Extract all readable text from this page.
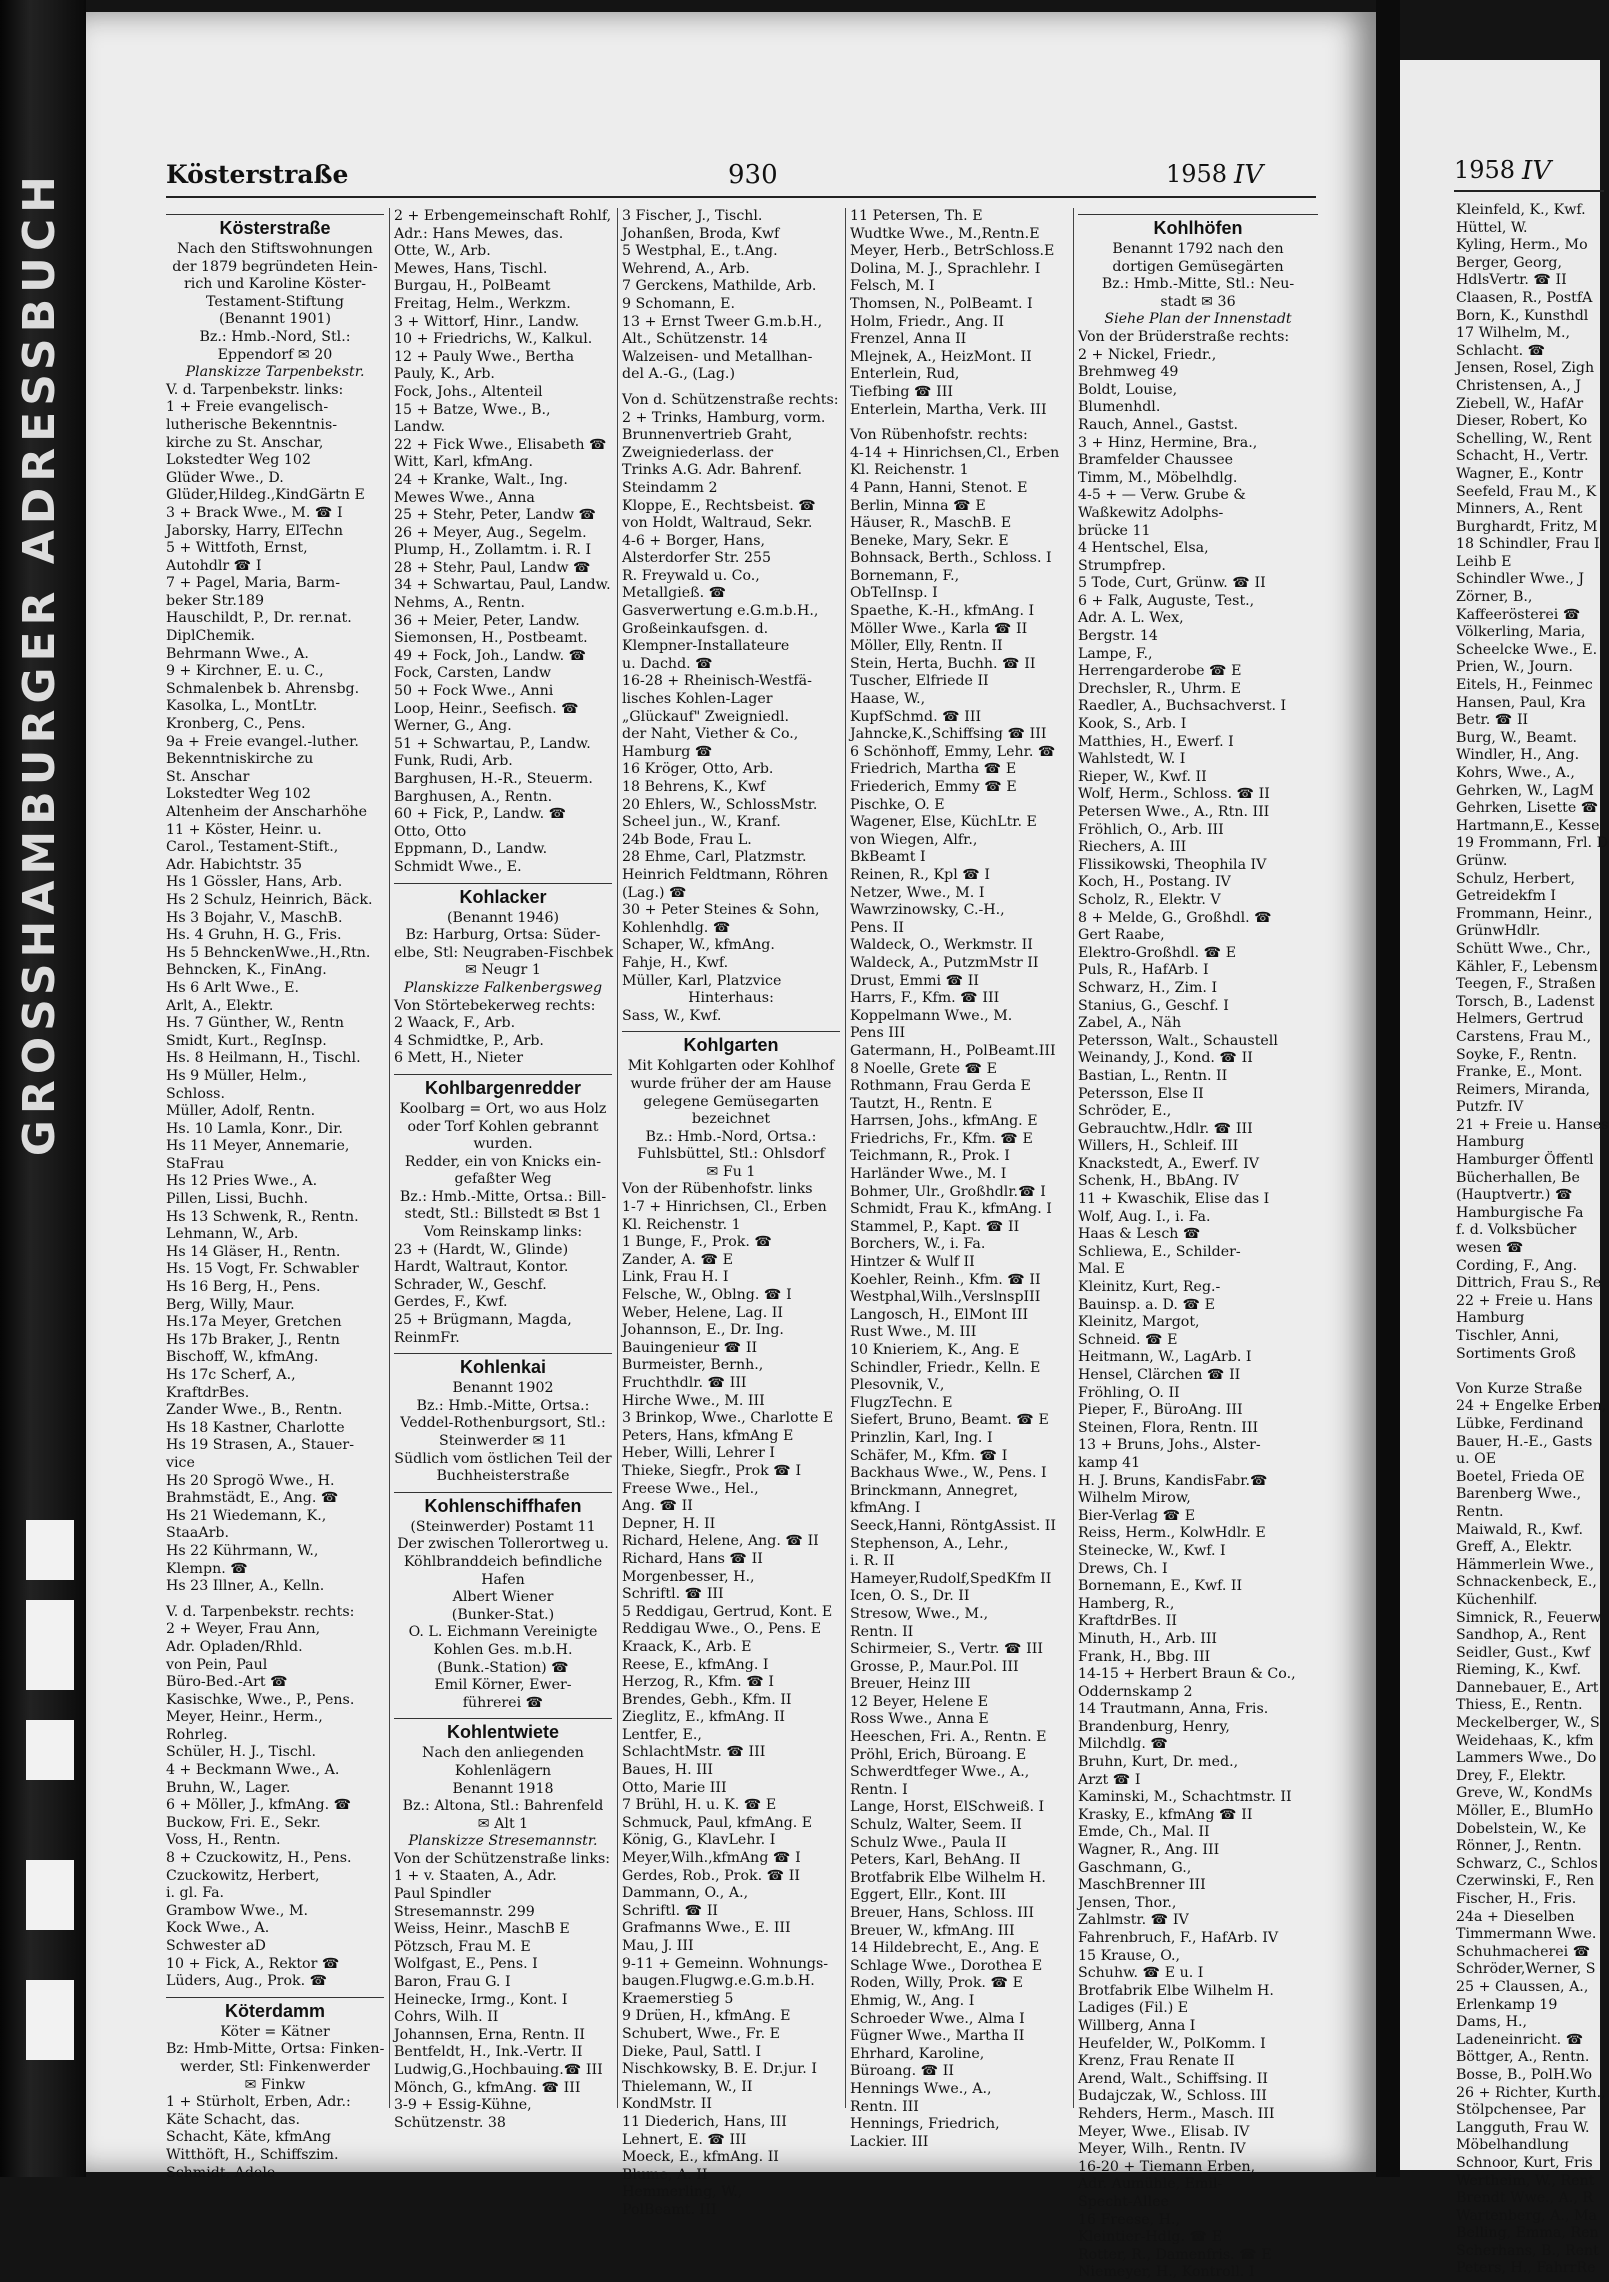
GROSSHAMBURGER ADRESSBUCH	Kösterstraße	930	1958 IV
Kösterstraße
Nach den Stiftswohnungen
der 1879 begründeten Hein-
rich und Karoline Köster-
Testament-Stiftung
(Benannt 1901)
Bz.: Hmb.-Nord, Stl.:
Eppendorf ✉ 20
Planskizze Tarpenbekstr.
V. d. Tarpenbekstr. links:
1 + Freie evangelisch-
lutherische Bekenntnis-
kirche zu St. Anschar,
Lokstedter Weg 102
Glüder Wwe., D.
Glüder,Hildeg.,KindGärtn E
3 + Brack Wwe., M. ☎ I
Jaborsky, Harry, ElTechn
5 + Wittfoth, Ernst,
Autohdlr ☎ I
7 + Pagel, Maria, Barm-
beker Str.189
Hauschildt, P., Dr. rer.nat.
DiplChemik.
Behrmann Wwe., A.
9 + Kirchner, E. u. C.,
Schmalenbek b. Ahrensbg.
Kasolka, L., MontLtr.
Kronberg, C., Pens.
9a + Freie evangel.-luther.
Bekenntniskirche zu
St. Anschar
Lokstedter Weg 102
Altenheim der Anscharhöhe
11 + Köster, Heinr. u.
Carol., Testament-Stift.,
Adr. Habichtstr. 35
Hs 1 Gössler, Hans, Arb.
Hs 2 Schulz, Heinrich, Bäck.
Hs 3 Bojahr, V., MaschB.
Hs. 4 Gruhn, H. G., Fris.
Hs 5 BehnckenWwe.,H.,Rtn.
Behncken, K., FinAng.
Hs 6 Arlt Wwe., E.
Arlt, A., Elektr.
Hs. 7 Günther, W., Rentn
Smidt, Kurt., RegInsp.
Hs. 8 Heilmann, H., Tischl.
Hs 9 Müller, Helm.,
Schloss.
Müller, Adolf, Rentn.
Hs. 10 Lamla, Konr., Dir.
Hs 11 Meyer, Annemarie,
StaFrau
Hs 12 Pries Wwe., A.
Pillen, Lissi, Buchh.
Hs 13 Schwenk, R., Rentn.
Lehmann, W., Arb.
Hs 14 Gläser, H., Rentn.
Hs. 15 Vogt, Fr. Schwabler
Hs 16 Berg, H., Pens.
Berg, Willy, Maur.
Hs.17a Meyer, Gretchen
Hs 17b Braker, J., Rentn
Bischoff, W., kfmAng.
Hs 17c Scherf, A.,
KraftdrBes.
Zander Wwe., B., Rentn.
Hs 18 Kastner, Charlotte
Hs 19 Strasen, A., Stauer-
vice
Hs 20 Sprogö Wwe., H.
Brahmstädt, E., Ang. ☎
Hs 21 Wiedemann, K.,
StaaArb.
Hs 22 Kührmann, W.,
Klempn. ☎
Hs 23 Illner, A., Kelln.
V. d. Tarpenbekstr. rechts:
2 + Weyer, Frau Ann,
Adr. Opladen/Rhld.
von Pein, Paul
Büro-Bed.-Art ☎
Kasischke, Wwe., P., Pens.
Meyer, Heinr., Herm.,
Rohrleg.
Schüler, H. J., Tischl.
4 + Beckmann Wwe., A.
Bruhn, W., Lager.
6 + Möller, J., kfmAng. ☎
Buckow, Fri. E., Sekr.
Voss, H., Rentn.
8 + Czuckowitz, H., Pens.
Czuckowitz, Herbert,
i. gl. Fa.
Grambow Wwe., M.
Kock Wwe., A.
Schwester aD
10 + Fick, A., Rektor ☎
Lüders, Aug., Prok. ☎
Köterdamm
Köter = Kätner
Bz: Hmb-Mitte, Ortsa: Finken-
werder, Stl: Finkenwerder
✉ Finkw
1 + Stürholt, Erben, Adr.:
Käte Schacht, das.
Schacht, Käte, kfmAng
Witthöft, H., Schiffszim.
Schmidt, Adele
2 + Erbengemeinschaft Rohlf,
Adr.: Hans Mewes, das.
Otte, W., Arb.
Mewes, Hans, Tischl.
Burgau, H., PolBeamt
Freitag, Helm., Werkzm.
3 + Wittorf, Hinr., Landw.
10 + Friedrichs, W., Kalkul.
12 + Pauly Wwe., Bertha
Pauly, K., Arb.
Fock, Johs., Altenteil
15 + Batze, Wwe., B.,
Landw.
22 + Fick Wwe., Elisabeth ☎
Witt, Karl, kfmAng.
24 + Kranke, Walt., Ing.
Mewes Wwe., Anna
25 + Stehr, Peter, Landw ☎
26 + Meyer, Aug., Segelm.
Plump, H., Zollamtm. i. R. I
28 + Stehr, Paul, Landw ☎
34 + Schwartau, Paul, Landw.
Nehms, A., Rentn.
36 + Meier, Peter, Landw.
Siemonsen, H., Postbeamt.
49 + Fock, Joh., Landw. ☎
Fock, Carsten, Landw
50 + Fock Wwe., Anni
Loop, Heinr., Seefisch. ☎
Werner, G., Ang.
51 + Schwartau, P., Landw.
Funk, Rudi, Arb.
Barghusen, H.-R., Steuerm.
Barghusen, A., Rentn.
60 + Fick, P., Landw. ☎
Otto, Otto
Eppmann, D., Landw.
Schmidt Wwe., E.
Kohlacker
(Benannt 1946)
Bz: Harburg, Ortsa: Süder-
elbe, Stl: Neugraben-Fischbek
✉ Neugr 1
Planskizze Falkenbergsweg
Von Störtebekerweg rechts:
2 Waack, F., Arb.
4 Schmidtke, P., Arb.
6 Mett, H., Nieter
Kohlbargenredder
Koolbarg = Ort, wo aus Holz
oder Torf Kohlen gebrannt
wurden.
Redder, ein von Knicks ein-
gefaßter Weg
Bz.: Hmb.-Mitte, Ortsa.: Bill-
stedt, Stl.: Billstedt ✉ Bst 1
Vom Reinskamp links:
23 + (Hardt, W., Glinde)
Hardt, Waltraut, Kontor.
Schrader, W., Geschf.
Gerdes, F., Kwf.
25 + Brügmann, Magda,
ReinmFr.
Kohlenkai
Benannt 1902
Bz.: Hmb.-Mitte, Ortsa.:
Veddel-Rothenburgsort, Stl.:
Steinwerder ✉ 11
Südlich vom östlichen Teil der
Buchheisterstraße
Kohlenschiffhafen
(Steinwerder) Postamt 11
Der zwischen Tollerortweg u.
Köhlbranddeich befindliche
Hafen
Albert Wiener
(Bunker-Stat.)
O. L. Eichmann Vereinigte
Kohlen Ges. m.b.H.
(Bunk.-Station) ☎
Emil Körner, Ewer-
führerei ☎
Kohlentwiete
Nach den anliegenden
Kohlenlägern
Benannt 1918
Bz.: Altona, Stl.: Bahrenfeld
✉ Alt 1
Planskizze Stresemannstr.
Von der Schützenstraße links:
1 + v. Staaten, A., Adr.
Paul Spindler
Stresemannstr. 299
Weiss, Heinr., MaschB E
Pötzsch, Frau M. E
Wolfgast, E., Pens. I
Baron, Frau G. I
Heinecke, Irmg., Kont. I
Cohrs, Wilh. II
Johannsen, Erna, Rentn. II
Bentfeldt, H., Ink.-Vertr. II
Ludwig,G.,Hochbauing.☎ III
Mönch, G., kfmAng. ☎ III
3-9 + Essig-Kühne,
Schützenstr. 38
3 Fischer, J., Tischl.
Johanßen, Broda, Kwf
5 Westphal, E., t.Ang.
Wehrend, A., Arb.
7 Gerckens, Mathilde, Arb.
9 Schomann, E.
13 + Ernst Tweer G.m.b.H.,
Alt., Schützenstr. 14
Walzeisen- und Metallhan-
del A.-G., (Lag.)
Von d. Schützenstraße rechts:
2 + Trinks, Hamburg, vorm.
Brunnenvertrieb Graht,
Zweigniederlass. der
Trinks A.G. Adr. Bahrenf.
Steindamm 2
Kloppe, E., Rechtsbeist. ☎
von Holdt, Waltraud, Sekr.
4-6 + Borger, Hans,
Alsterdorfer Str. 255
R. Freywald u. Co.,
Metallgieß. ☎
Gasverwertung e.G.m.b.H.,
Großeinkaufsgen. d.
Klempner-Installateure
u. Dachd. ☎
16-28 + Rheinisch-Westfä-
lisches Kohlen-Lager
„Glückauf" Zweigniedl.
der Naht, Viether & Co.,
Hamburg ☎
16 Kröger, Otto, Arb.
18 Behrens, K., Kwf
20 Ehlers, W., SchlossMstr.
Scheel jun., W., Kranf.
24b Bode, Frau L.
28 Ehme, Carl, Platzmstr.
Heinrich Feldtmann, Röhren
(Lag.) ☎
30 + Peter Steines & Sohn,
Kohlenhdlg. ☎
Schaper, W., kfmAng.
Fahje, H., Kwf.
Müller, Karl, Platzvice
Hinterhaus:
Sass, W., Kwf.
Kohlgarten
Mit Kohlgarten oder Kohlhof
wurde früher der am Hause
gelegene Gemüsegarten
bezeichnet
Bz.: Hmb.-Nord, Ortsa.:
Fuhlsbüttel, Stl.: Ohlsdorf
✉ Fu 1
Von der Rübenhofstr. links
1-7 + Hinrichsen, Cl., Erben
Kl. Reichenstr. 1
1 Bunge, F., Prok. ☎
Zander, A. ☎ E
Link, Frau H. I
Felsche, W., Oblng. ☎ I
Weber, Helene, Lag. II
Johannson, E., Dr. Ing.
Bauingenieur ☎ II
Burmeister, Bernh.,
Fruchthdlr. ☎ III
Hirche Wwe., M. III
3 Brinkop, Wwe., Charlotte E
Peters, Hans, kfmAng E
Heber, Willi, Lehrer I
Thieke, Siegfr., Prok ☎ I
Freese Wwe., Hel.,
Ang. ☎ II
Depner, H. II
Richard, Helene, Ang. ☎ II
Richard, Hans ☎ II
Morgenbesser, H.,
Schriftl. ☎ III
5 Reddigau, Gertrud, Kont. E
Reddigau Wwe., O., Pens. E
Kraack, K., Arb. E
Reese, E., kfmAng. I
Herzog, R., Kfm. ☎ I
Brendes, Gebh., Kfm. II
Zieglitz, E., kfmAng. II
Lentfer, E.,
SchlachtMstr. ☎ III
Baues, H. III
Otto, Marie III
7 Brühl, H. u. K. ☎ E
Schmuck, Paul, kfmAng. E
König, G., KlavLehr. I
Meyer,Wilh.,kfmAng ☎ I
Gerdes, Rob., Prok. ☎ II
Dammann, O., A.,
Schriftl. ☎ II
Grafmanns Wwe., E. III
Mau, J. III
9-11 + Gemeinn. Wohnungs-
baugen.Flugwg.e.G.m.b.H.
Kraemerstieg 5
9 Drüen, H., kfmAng. E
Schubert, Wwe., Fr. E
Dieke, Paul, Sattl. I
Nischkowsky, B. E. Dr.jur. I
Thielemann, W., II
KondMstr. II
11 Diederich, Hans, III
Lehnert, E. ☎ III
Moeck, E., kfmAng. II
Blume, A. II
Hemmerling, W.,
PolBeamt. III
11 Petersen, Th. E
Wudtke Wwe., M.,Rentn.E
Meyer, Herb., BetrSchloss.E
Dolina, M. J., Sprachlehr. I
Felsch, M. I
Thomsen, N., PolBeamt. I
Holm, Friedr., Ang. II
Frenzel, Anna II
Mlejnek, A., HeizMont. II
Enterlein, Rud,
Tiefbing ☎ III
Enterlein, Martha, Verk. III
Von Rübenhofstr. rechts:
4-14 + Hinrichsen,Cl., Erben
Kl. Reichenstr. 1
4 Pann, Hanni, Stenot. E
Berlin, Minna ☎ E
Häuser, R., MaschB. E
Beneke, Mary, Sekr. E
Bohnsack, Berth., Schloss. I
Bornemann, F.,
ObTelInsp. I
Spaethe, K.-H., kfmAng. I
Möller Wwe., Karla ☎ II
Möller, Elly, Rentn. II
Stein, Herta, Buchh. ☎ II
Tuscher, Elfriede II
Haase, W.,
KupfSchmd. ☎ III
Jahncke,K.,Schiffsing ☎ III
6 Schönhoff, Emmy, Lehr. ☎
Friedrich, Martha ☎ E
Friederich, Emmy ☎ E
Pischke, O. E
Wagener, Else, KüchLtr. E
von Wiegen, Alfr.,
BkBeamt I
Reinen, R., Kpl ☎ I
Netzer, Wwe., M. I
Wawrzinowsky, C.-H.,
Pens. II
Waldeck, O., Werkmstr. II
Waldeck, A., PutzmMstr II
Drust, Emmi ☎ II
Harrs, F., Kfm. ☎ III
Koppelmann Wwe., M.
Pens III
Gatermann, H., PolBeamt.III
8 Noelle, Grete ☎ E
Rothmann, Frau Gerda E
Tautzt, H., Rentn. E
Harrsen, Johs., kfmAng. E
Friedrichs, Fr., Kfm. ☎ E
Teichmann, R., Prok. I
Harländer Wwe., M. I
Bohmer, Ulr., Großhdlr.☎ I
Schmidt, Frau K., kfmAng. I
Stammel, P., Kapt. ☎ II
Borchers, W., i. Fa.
Hintzer & Wulf II
Koehler, Reinh., Kfm. ☎ II
Westphal,Wilh.,VerslnspIII
Langosch, H., ElMont III
Rust Wwe., M. III
10 Knieriem, K., Ang. E
Schindler, Friedr., Kelln. E
Plesovnik, V.,
FlugzTechn. E
Siefert, Bruno, Beamt. ☎ E
Prinzlin, Karl, Ing. I
Schäfer, M., Kfm. ☎ I
Backhaus Wwe., W., Pens. I
Brinckmann, Annegret,
kfmAng. I
Seeck,Hanni, RöntgAssist. II
Stephenson, A., Lehr.,
i. R. II
Hameyer,Rudolf,SpedKfm II
Icen, O. S., Dr. II
Stresow, Wwe., M.,
Rentn. II
Schirmeier, S., Vertr. ☎ III
Grosse, P., Maur.Pol. III
Breuer, Heinz III
12 Beyer, Helene E
Ross Wwe., Anna E
Heeschen, Fri. A., Rentn. E
Pröhl, Erich, Büroang. E
Schwerdtfeger Wwe., A.,
Rentn. I
Lange, Horst, ElSchweiß. I
Schulz, Walter, Seem. II
Schulz Wwe., Paula II
Peters, Karl, BehAng. II
Brotfabrik Elbe Wilhelm H.
Eggert, Ellr., Kont. III
Breuer, Hans, Schloss. III
Breuer, W., kfmAng. III
14 Hildebrecht, E., Ang. E
Schlage Wwe., Dorothea E
Roden, Willy, Prok. ☎ E
Ehmig, W., Ang. I
Schroeder Wwe., Alma I
Fügner Wwe., Martha II
Ehrhard, Karoline,
Büroang. ☎ II
Hennings Wwe., A.,
Rentn. III
Hennings, Friedrich,
Lackier. III
Kohlhöfen
Benannt 1792 nach den
dortigen Gemüsegärten
Bz.: Hmb.-Mitte, Stl.: Neu-
stadt ✉ 36
Siehe Plan der Innenstadt
Von der Brüderstraße rechts:
2 + Nickel, Friedr.,
Brehmweg 49
Boldt, Louise,
Blumenhdl.
Rauch, Annel., Gastst.
3 + Hinz, Hermine, Bra.,
Bramfelder Chaussee
Timm, M., Möbelhdlg.
4-5 + — Verw. Grube &
Waßkewitz Adolphs-
brücke 11
4 Hentschel, Elsa,
Strumpfrep.
5 Tode, Curt, Grünw. ☎ II
6 + Falk, Auguste, Test.,
Adr. A. L. Wex,
Bergstr. 14
Lampe, F.,
Herrengarderobe ☎ E
Drechsler, R., Uhrm. E
Raedler, A., Buchsachverst. I
Kook, S., Arb. I
Matthies, H., Ewerf. I
Wahlstedt, W. I
Rieper, W., Kwf. II
Wolf, Herm., Schloss. ☎ II
Petersen Wwe., A., Rtn. III
Fröhlich, O., Arb. III
Riechers, A. III
Flissikowski, Theophila IV
Koch, H., Postang. IV
Scholz, R., Elektr. V
8 + Melde, G., Großhdl. ☎
Gert Raabe,
Elektro-Großhdl. ☎ E
Puls, R., HafArb. I
Schwarz, H., Zim. I
Stanius, G., Geschf. I
Zabel, A., Näh
Petersson, Walt., Schaustell
Weinandy, J., Kond. ☎ II
Bastian, L., Rentn. II
Petersson, Else II
Schröder, E.,
Gebrauchtw.,Hdlr. ☎ III
Willers, H., Schleif. III
Knackstedt, A., Ewerf. IV
Schenk, H., BbAng. IV
11 + Kwaschik, Elise das I
Wolf, Aug. I., i. Fa.
Haas & Lesch ☎
Schliewa, E., Schilder-
Mal. E
Kleinitz, Kurt, Reg.-
Bauinsp. a. D. ☎ E
Kleinitz, Margot,
Schneid. ☎ E
Heitmann, W., LagArb. I
Hensel, Clärchen ☎ II
Fröhling, O. II
Pieper, F., BüroAng. III
Steinen, Flora, Rentn. III
13 + Bruns, Johs., Alster-
kamp 41
H. J. Bruns, KandisFabr.☎
Wilhelm Mirow,
Bier-Verlag ☎ E
Reiss, Herm., KolwHdlr. E
Steinecke, W., Kwf. I
Drews, Ch. I
Bornemann, E., Kwf. II
Hamberg, R.,
KraftdrBes. II
Minuth, H., Arb. III
Frank, H., Bbg. III
14-15 + Herbert Braun & Co.,
Oddernskamp 2
14 Trautmann, Anna, Fris.
Brandenburg, Henry,
Milchdlg. ☎
Bruhn, Kurt, Dr. med.,
Arzt ☎ I
Kaminski, M., Schachtmstr. II
Krasky, E., kfmAng ☎ II
Emde, Ch., Mal. II
Wagner, R., Ang. III
Gaschmann, G.,
MaschBrenner III
Jensen, Thor.,
Zahlmstr. ☎ IV
Fahrenbruch, F., HafArb. IV
15 Krause, O.,
Schuhw. ☎ E u. I
Brotfabrik Elbe Wilhelm H.
Ladiges (Fil.) E
Willberg, Anna I
Heufelder, W., PolKomm. I
Krenz, Frau Renate II
Arend, Walt., Schiffsing. II
Budajczak, W., Schloss. III
Rehders, Herm., Masch. III
Meyer, Wwe., Elisab. IV
Meyer, Wilh., Rentn. IV
16-20 + Tiemann Erben,
Adr. Aumühle, Emil-
Specht-Allee
16 Freese, H.,
Kleintier-Hdlg. ☎ E
Rotter, R., Damenfris. ☎ E
Niemeyer, H., Kontroll. I
1958 IV
Kleinfeld, K., Kwf.
Hüttel, W.
Kyling, Herm., Mo
Berger, Georg,
HdlsVertr. ☎ II
Claasen, R., PostfA
Born, K., Kunsthdl
17 Wilhelm, M.,
Schlacht. ☎
Jensen, Rosel, Zigh
Christensen, A., J
Ziebell, W., HafAr
Dieser, Robert, Ko
Schelling, W., Rent
Schacht, H., Vertr.
Wagner, E., Kontr
Seefeld, Frau M., K
Minners, A., Rent
Burghardt, Fritz, M
18 Schindler, Frau I
Leihb E
Schindler Wwe., J
Zörner, B.,
Kaffeerösterei ☎
Völkerling, Maria,
Scheelcke Wwe., E.
Prien, W., Journ.
Eitels, H., Feinmec
Hansen, Paul, Kra
Betr. ☎ II
Burg, W., Beamt.
Windler, H., Ang.
Kohrs, Wwe., A.,
Gehrken, W., LagM
Gehrken, Lisette ☎
Hartmann,E., Kesse
19 Frommann, Frl. D
Grünw.
Schulz, Herbert,
Getreidekfm I
Frommann, Heinr.,
GrünwHdlr.
Schütt Wwe., Chr.,
Kähler, F., Lebensm
Teegen, F., Straßen
Torsch, B., Ladenst
Helmers, Gertrud
Carstens, Frau M.,
Soyke, F., Rentn.
Franke, E., Mont.
Reimers, Miranda,
Putzfr. IV
21 + Freie u. Hanses
Hamburg
Hamburger Öffentl
Bücherhallen, Be
(Hauptvertr.) ☎
Hamburgische Fa
f. d. Volksbücher
wesen ☎
Cording, F., Ang.
Dittrich, Frau S., Re
22 + Freie u. Hans
Hamburg
Tischler, Anni,
Sortiments Groß

Von Kurze Straße
24 + Engelke Erben,
Lübke, Ferdinand
Bauer, H.-E., Gasts
u. OE
Boetel, Frieda OE
Barenberg Wwe.,
Rentn.
Maiwald, R., Kwf.
Greff, A., Elektr.
Hämmerlein Wwe.,
Schnackenbeck, E.,
Küchenhilf.
Simnick, R., Feuerw
Sandhop, A., Rent
Seidler, Gust., Kwf
Rieming, K., Kwf.
Dannebauer, E., Art
Thiess, E., Rentn.
Meckelberger, W., S
Weidehaas, K., kfm
Lammers Wwe., Do
Drey, F., Elektr.
Greve, W., KondMs
Möller, E., BlumHo
Dobelstein, W., Ke
Rönner, J., Rentn.
Schwarz, C., Schlos
Czerwinski, F., Ren
Fischer, H., Fris.
24a + Dieselben
Timmermann Wwe.
Schuhmacherei ☎
Schröder,Werner, S
25 + Claussen, A.,
Erlenkamp 19
Dams, H.,
Ladeneinricht. ☎
Böttger, A., Rentn.
Bosse, B., PolH.Wo
26 + Richter, Kurth.,
Stölpchensee, Par
Langguth, Frau W.
Möbelhandlung
Schnoor, Kurt, Fris
Wertheim, W., Rent
Brendt Wwe., A., R
Wartenberg, A., Ma
Belling, Emma, Ren
Scherhans, B., Rent
Peters, H., FahrrRe
